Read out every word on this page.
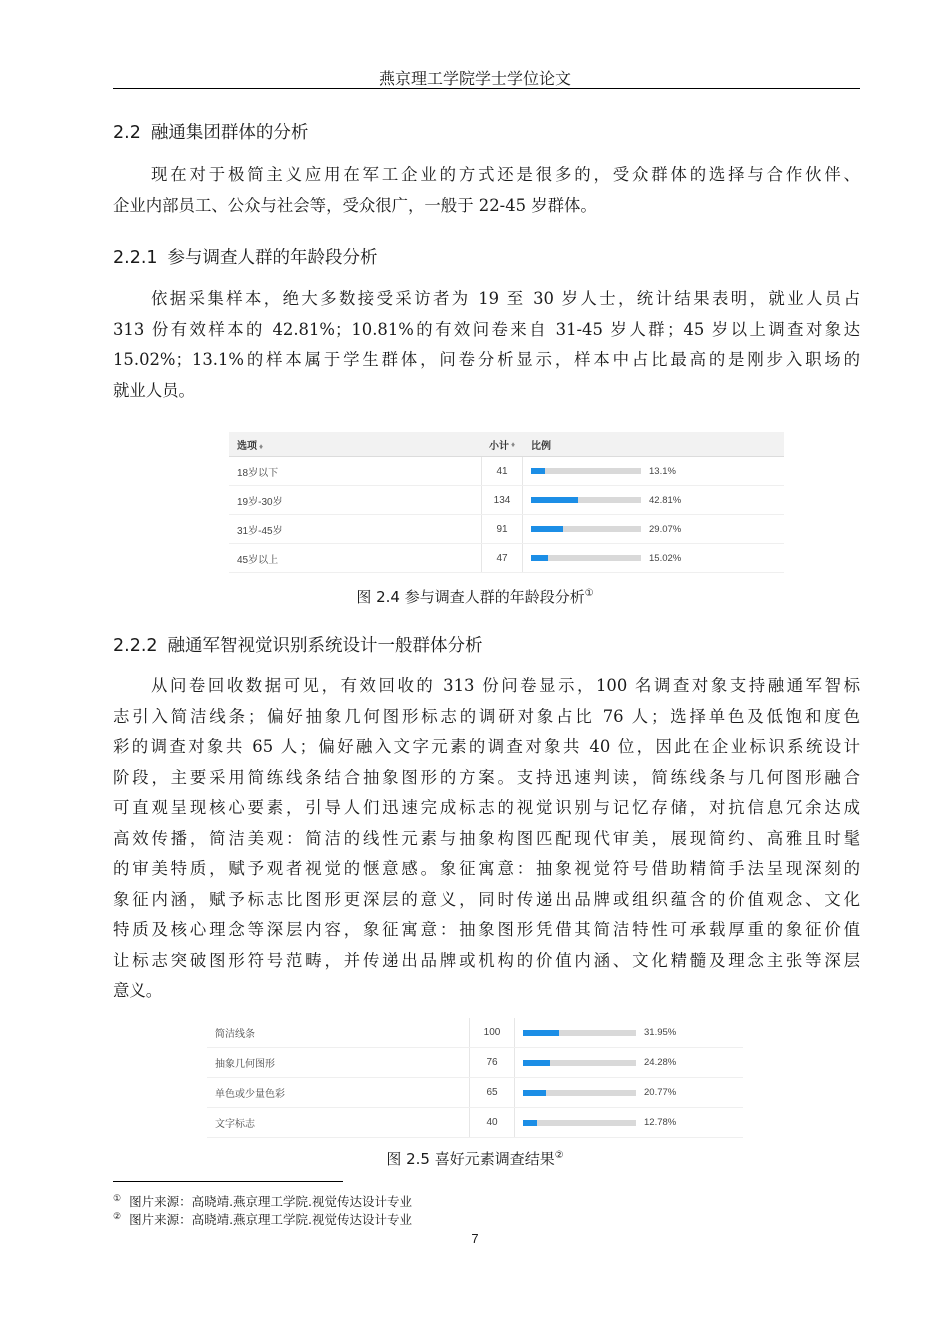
燕京理工学院学士学位论文
2.2 融通集团群体的分析
现在对于极简主义应用在军工企业的方式还是很多的，受众群体的选择与合作伙伴、
企业内部员工、公众与社会等，受众很广，一般于 22-45 岁群体。
2.2.1 参与调查人群的年龄段分析
依据采集样本，绝大多数接受采访者为 19 至 30 岁人士，统计结果表明，就业人员占
313 份有效样本的 42.81%；10.81%的有效问卷来自 31-45 岁人群；45 岁以上调查对象达
15.02%；13.1%的样本属于学生群体，问卷分析显示，样本中占比最高的是刚步入职场的
就业人员。
选项 ♦	小计 ♦	比例
18岁以下	41	13.1%
19岁-30岁	134	42.81%
31岁-45岁	91	29.07%
45岁以上	47	15.02%
图 2.4 参与调查人群的年龄段分析①
2.2.2 融通军智视觉识别系统设计一般群体分析
从问卷回收数据可见，有效回收的 313 份问卷显示，100 名调查对象支持融通军智标
志引入简洁线条；偏好抽象几何图形标志的调研对象占比 76 人；选择单色及低饱和度色
彩的调查对象共 65 人；偏好融入文字元素的调查对象共 40 位，因此在企业标识系统设计
阶段，主要采用简练线条结合抽象图形的方案。支持迅速判读，简练线条与几何图形融合
可直观呈现核心要素，引导人们迅速完成标志的视觉识别与记忆存储，对抗信息冗余达成
高效传播，简洁美观：简洁的线性元素与抽象构图匹配现代审美，展现简约、高雅且时髦
的审美特质，赋予观者视觉的惬意感。象征寓意：抽象视觉符号借助精简手法呈现深刻的
象征内涵，赋予标志比图形更深层的意义，同时传递出品牌或组织蕴含的价值观念、文化
特质及核心理念等深层内容，象征寓意：抽象图形凭借其简洁特性可承载厚重的象征价值
让标志突破图形符号范畴，并传递出品牌或机构的价值内涵、文化精髓及理念主张等深层
意义。
简洁线条	100	31.95%
抽象几何图形	76	24.28%
单色或少量色彩	65	20.77%
文字标志	40	12.78%
图 2.5 喜好元素调查结果②
① 图片来源：高晓靖.燕京理工学院.视觉传达设计专业
② 图片来源：高晓靖.燕京理工学院.视觉传达设计专业
7
